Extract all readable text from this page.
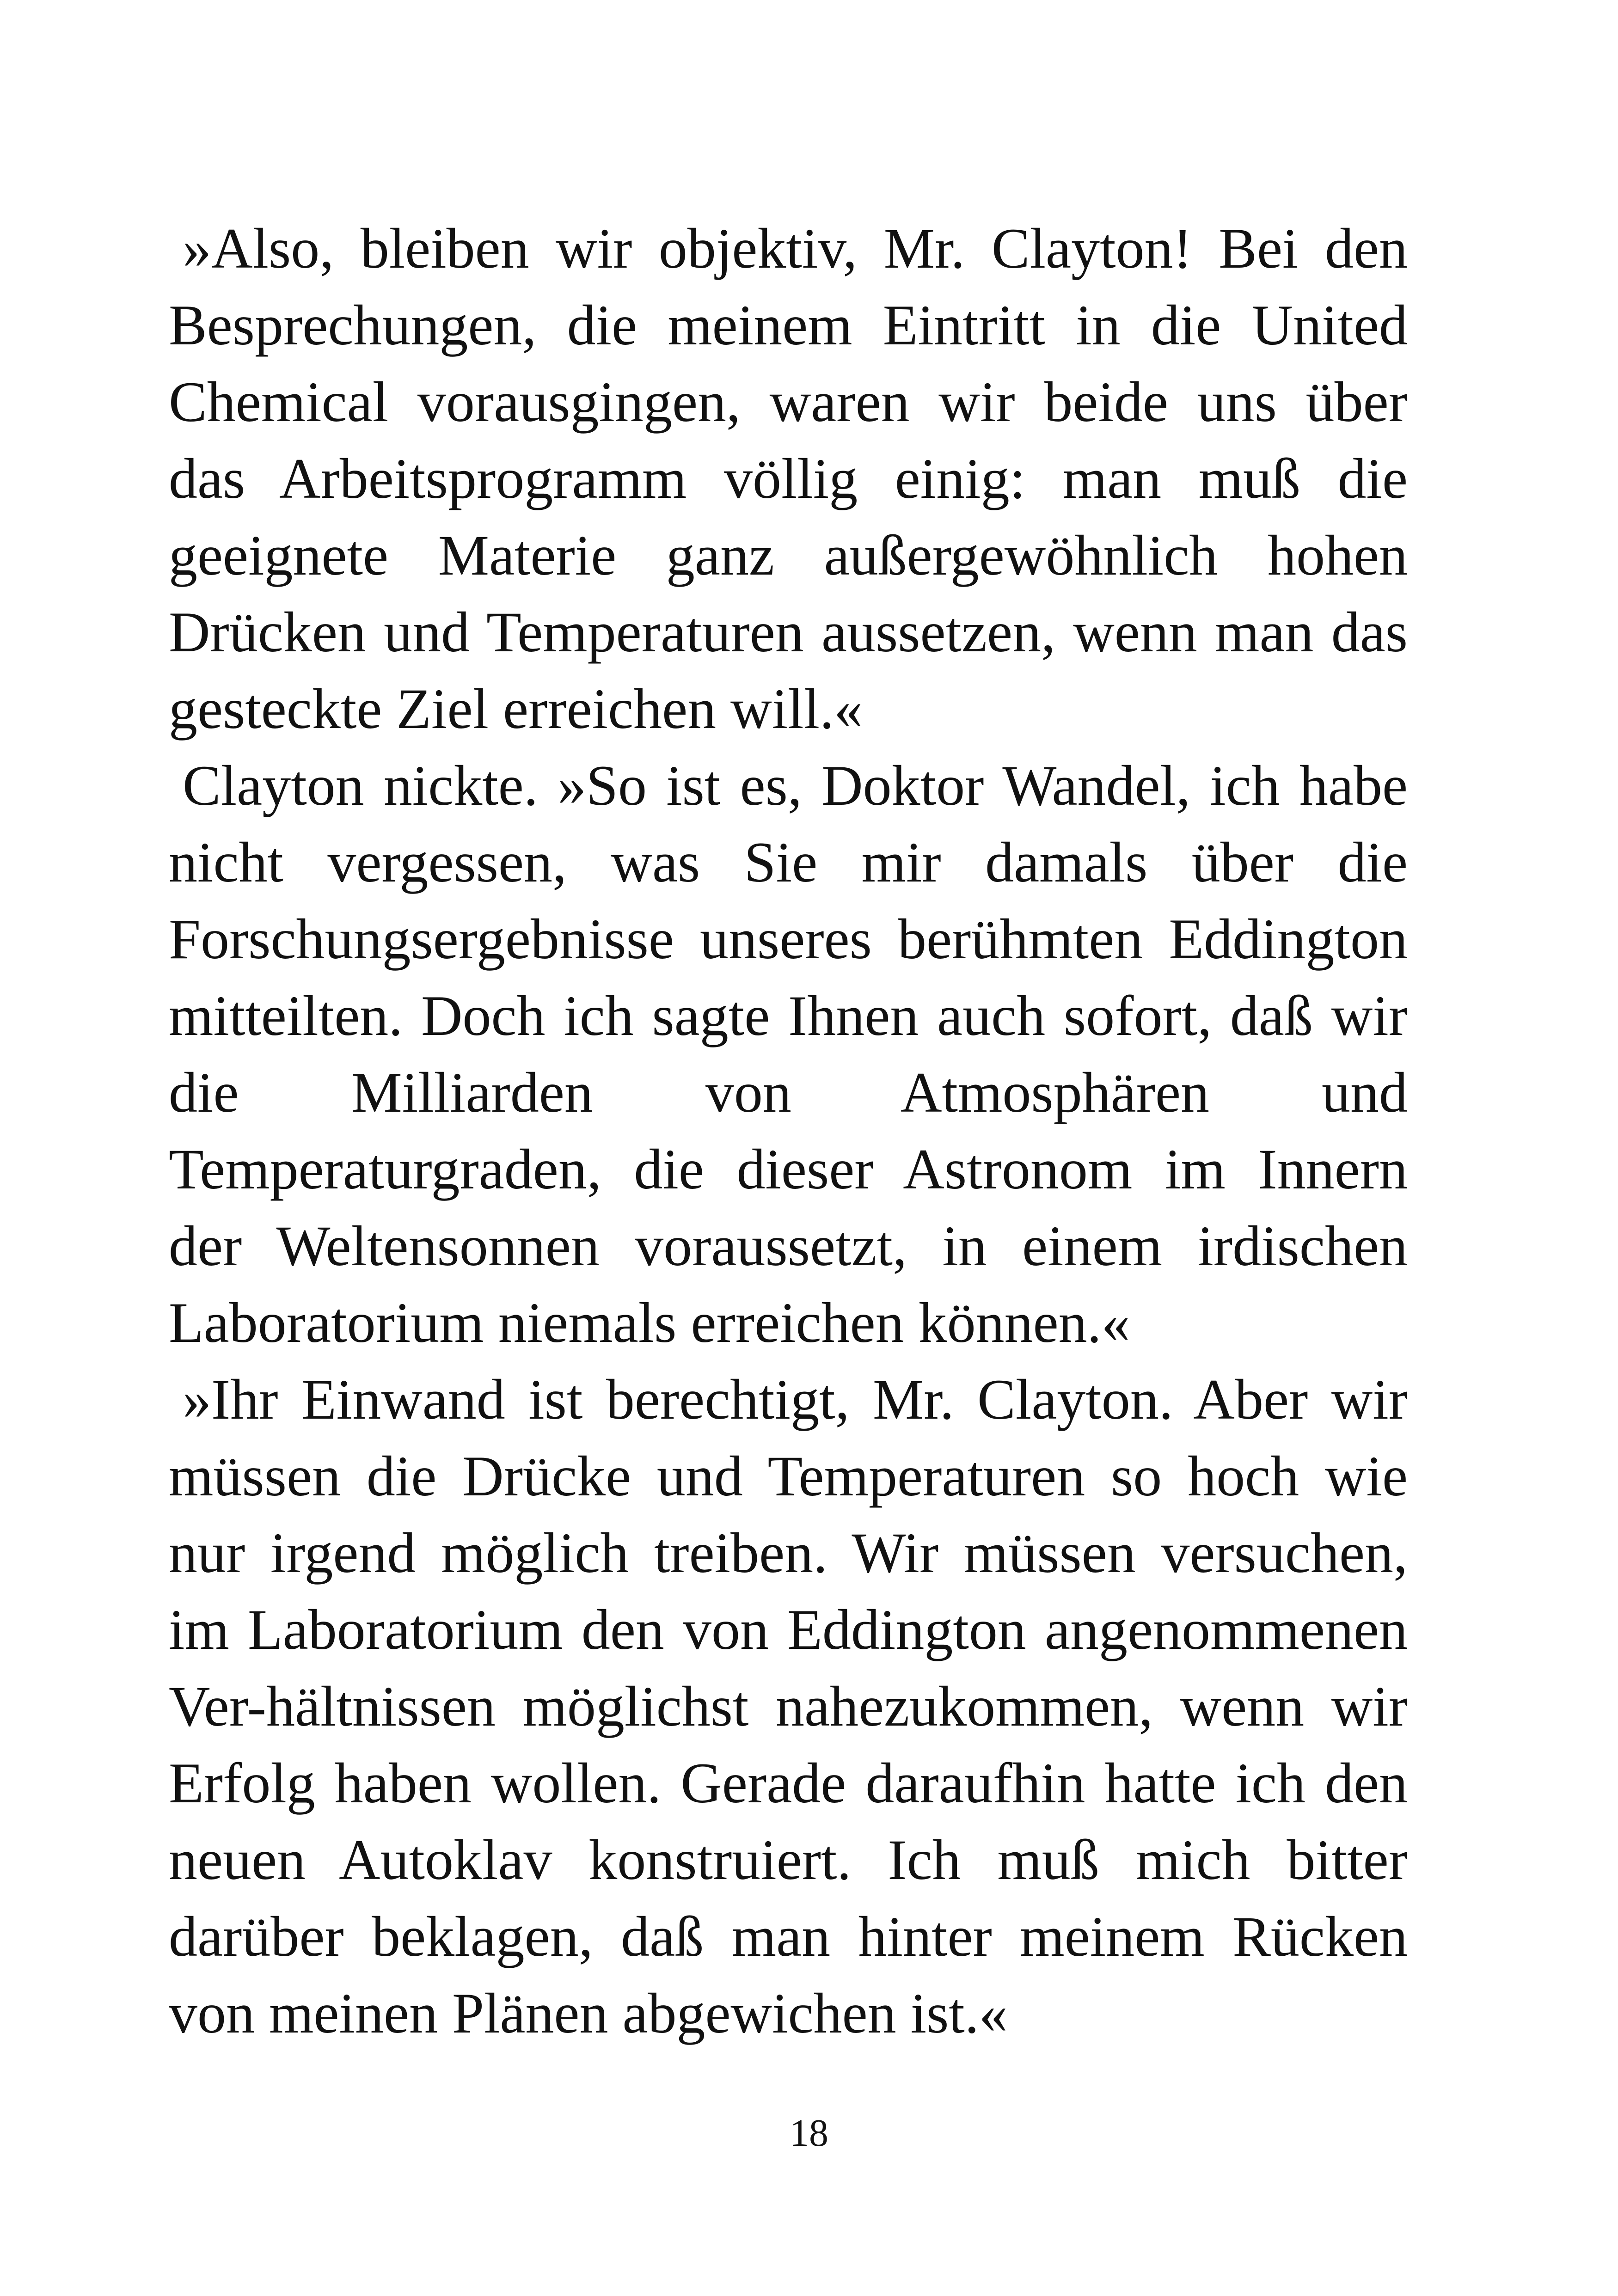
»Also, bleiben wir objektiv, Mr. Clayton! Bei den
Besprechungen, die meinem Eintritt in die United
Chemical vorausgingen, waren wir beide uns über
das Arbeitsprogramm völlig einig: man muß die
geeignete Materie ganz außergewöhnlich hohen
Drücken und Temperaturen aussetzen, wenn man das
gesteckte Ziel erreichen will.«
Clayton nickte. »So ist es, Doktor Wandel, ich habe
nicht vergessen, was Sie mir damals über die
Forschungsergebnisse unseres berühmten Eddington
mitteilten. Doch ich sagte Ihnen auch sofort, daß wir
die Milliarden von Atmosphären und
Temperaturgraden, die dieser Astronom im Innern
der Weltensonnen voraussetzt, in einem irdischen
Laboratorium niemals erreichen können.«
»Ihr Einwand ist berechtigt, Mr. Clayton. Aber wir
müssen die Drücke und Temperaturen so hoch wie
nur irgend möglich treiben. Wir müssen versuchen,
im Laboratorium den von Eddington angenommenen
Ver-hältnissen möglichst nahezukommen, wenn wir
Erfolg haben wollen. Gerade daraufhin hatte ich den
neuen Autoklav konstruiert. Ich muß mich bitter
darüber beklagen, daß man hinter meinem Rücken
von meinen Plänen abgewichen ist.«
18
